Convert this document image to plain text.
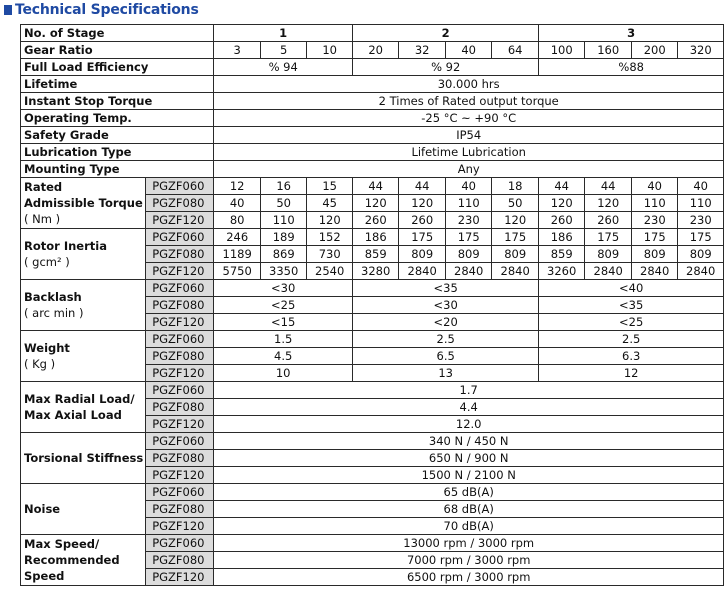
Technical Specifications
No. of Stage		1			2				3			
Gear Ratio		3	5	10	20	32	40	64	100	160	200	320
Full Load Efficiency		% 94			% 92				%88			
Lifetime		30.000 hrs										
Instant Stop Torque		2 Times of Rated output torque										
Operating Temp.		-25 °C ~ +90 °C										
Safety Grade		IP54										
Lubrication Type		Lifetime Lubrication										
Mounting Type		Any										

Rated
Admissible Torque
( Nm )	PGZF060	12	16	15	44	44	40	18	44	44	40	40
	PGZF080	40	50	45	120	120	110	50	120	120	110	110
	PGZF120	80	110	120	260	260	230	120	260	260	230	230

Rotor Inertia
( gcm² )	PGZF060	246	189	152	186	175	175	175	186	175	175	175
	PGZF080	1189	869	730	859	809	809	809	859	809	809	809
	PGZF120	5750	3350	2540	3280	2840	2840	2840	3260	2840	2840	2840

Backlash
( arc min )	PGZF060	<30			<35				<40			
	PGZF080	<25			<30				<35			
	PGZF120	<15			<20				<25			

Weight
( Kg )	PGZF060	1.5			2.5				2.5			
	PGZF080	4.5			6.5				6.3			
	PGZF120	10			13				12			

Max Radial Load/
Max Axial Load	PGZF060	1.7										
	PGZF080	4.4										
	PGZF120	12.0										

Torsional Stiffness	PGZF060	340 N / 450 N										
	PGZF080	650 N / 900 N										
	PGZF120	1500 N / 2100 N										

Noise	PGZF060	65 dB(A)										
	PGZF080	68 dB(A)										
	PGZF120	70 dB(A)										

Max Speed/
Recommended
Speed	PGZF060	13000 rpm / 3000 rpm										
	PGZF080	7000 rpm / 3000 rpm										
	PGZF120	6500 rpm / 3000 rpm										
